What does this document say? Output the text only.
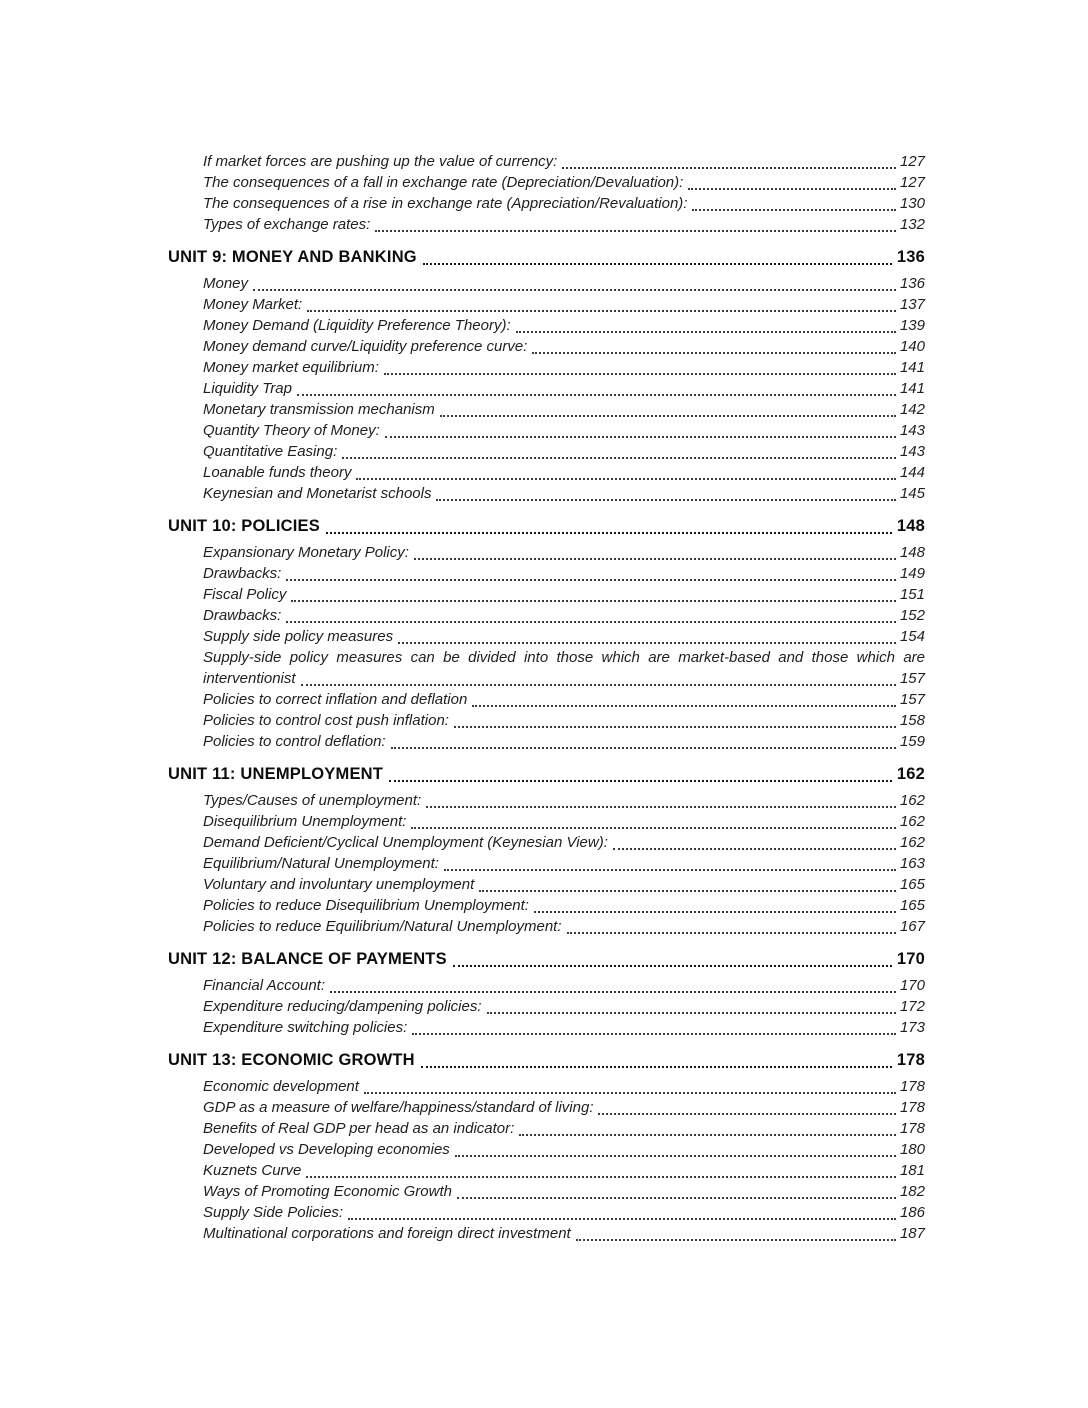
If market forces are pushing up the value of currency:	127
The consequences of a fall in exchange rate (Depreciation/Devaluation):	127
The consequences of a rise in exchange rate (Appreciation/Revaluation):	130
Types of exchange rates:	132
UNIT 9: MONEY AND BANKING	136
Money	136
Money Market:	137
Money Demand (Liquidity Preference Theory):	139
Money demand curve/Liquidity preference curve:	140
Money market equilibrium:	141
Liquidity Trap	141
Monetary transmission mechanism	142
Quantity Theory of Money:	143
Quantitative Easing:	143
Loanable funds theory	144
Keynesian and Monetarist schools	145
UNIT 10: POLICIES	148
Expansionary Monetary Policy:	148
Drawbacks:	149
Fiscal Policy	151
Drawbacks:	152
Supply side policy measures	154
Supply-side policy measures can be divided into those which are market-based and those which are
interventionist	157
Policies to correct inflation and deflation	157
Policies to control cost push inflation:	158
Policies to control deflation:	159
UNIT 11: UNEMPLOYMENT	162
Types/Causes of unemployment:	162
Disequilibrium Unemployment:	162
Demand Deficient/Cyclical Unemployment (Keynesian View):	162
Equilibrium/Natural Unemployment:	163
Voluntary and involuntary unemployment	165
Policies to reduce Disequilibrium Unemployment:	165
Policies to reduce Equilibrium/Natural Unemployment:	167
UNIT 12: BALANCE OF PAYMENTS	170
Financial Account:	170
Expenditure reducing/dampening policies:	172
Expenditure switching policies:	173
UNIT 13: ECONOMIC GROWTH	178
Economic development	178
GDP as a measure of welfare/happiness/standard of living:	178
Benefits of Real GDP per head as an indicator:	178
Developed vs Developing economies	180
Kuznets Curve	181
Ways of Promoting Economic Growth	182
Supply Side Policies:	186
Multinational corporations and foreign direct investment	187
